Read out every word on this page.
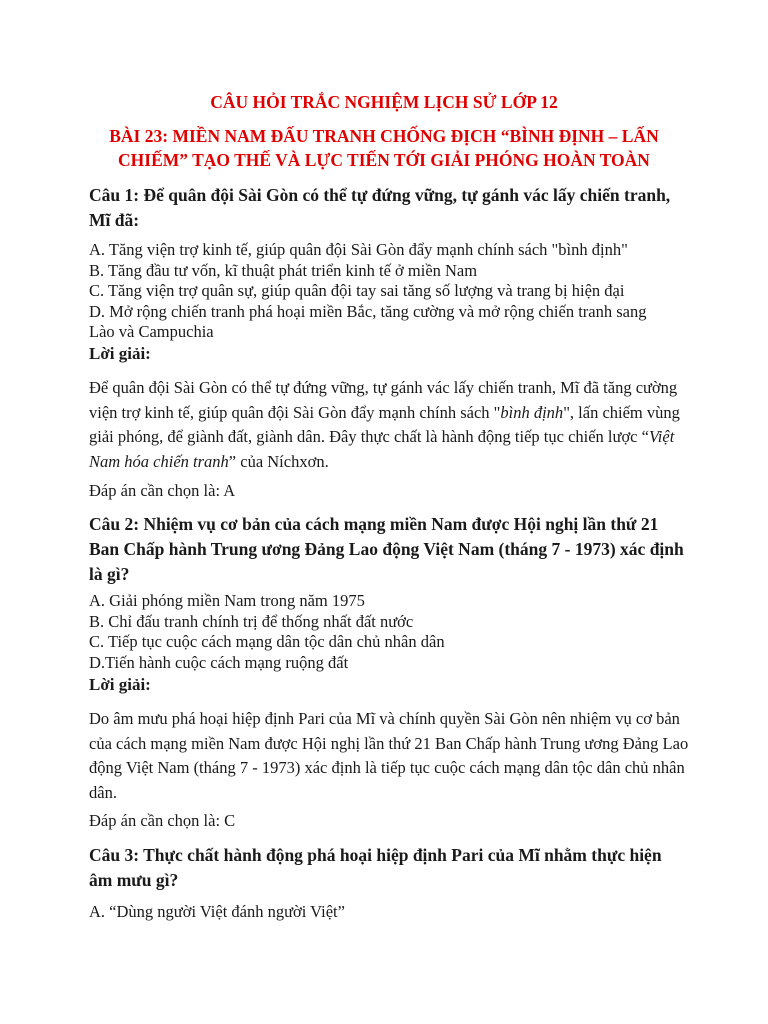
CÂU HỎI TRẮC NGHIỆM LỊCH SỬ LỚP 12
BÀI 23: MIỀN NAM ĐẤU TRANH CHỐNG ĐỊCH “BÌNH ĐỊNH – LẤN
CHIẾM” TẠO THẾ VÀ LỰC TIẾN TỚI GIẢI PHÓNG HOÀN TOÀN

Câu 1: Để quân đội Sài Gòn có thể tự đứng vững, tự gánh vác lấy chiến tranh, Mĩ đã:

A. Tăng viện trợ kinh tế, giúp quân đội Sài Gòn đẩy mạnh chính sách "bình định"
B. Tăng đầu tư vốn, kĩ thuật phát triển kinh tế ở miền Nam
C. Tăng viện trợ quân sự, giúp quân đội tay sai tăng số lượng và trang bị hiện đại
D. Mở rộng chiến tranh phá hoại miền Bắc, tăng cường và mở rộng chiến tranh sang
Lào và Campuchia

Lời giải:

Để quân đội Sài Gòn có thể tự đứng vững, tự gánh vác lấy chiến tranh, Mĩ đã tăng cường viện trợ kinh tế, giúp quân đội Sài Gòn đẩy mạnh chính sách "bình định", lấn chiếm vùng giải phóng, để giành đất, giành dân. Đây thực chất là hành động tiếp tục chiến lược “Việt Nam hóa chiến tranh” của Níchxơn.

Đáp án cần chọn là: A

Câu 2: Nhiệm vụ cơ bản của cách mạng miền Nam được Hội nghị lần thứ 21 Ban Chấp hành Trung ương Đảng Lao động Việt Nam (tháng 7 - 1973) xác định là gì?

A. Giải phóng miền Nam trong năm 1975
B. Chỉ đấu tranh chính trị để thống nhất đất nước
C. Tiếp tục cuộc cách mạng dân tộc dân chủ nhân dân
D.Tiến hành cuộc cách mạng ruộng đất

Lời giải:

Do âm mưu phá hoại hiệp định Pari của Mĩ và chính quyền Sài Gòn nên nhiệm vụ cơ bản của cách mạng miền Nam được Hội nghị lần thứ 21 Ban Chấp hành Trung ương Đảng Lao động Việt Nam (tháng 7 - 1973) xác định là tiếp tục cuộc cách mạng dân tộc dân chủ nhân dân.

Đáp án cần chọn là: C

Câu 3: Thực chất hành động phá hoại hiệp định Pari của Mĩ nhằm thực hiện âm mưu gì?

A. “Dùng người Việt đánh người Việt”
